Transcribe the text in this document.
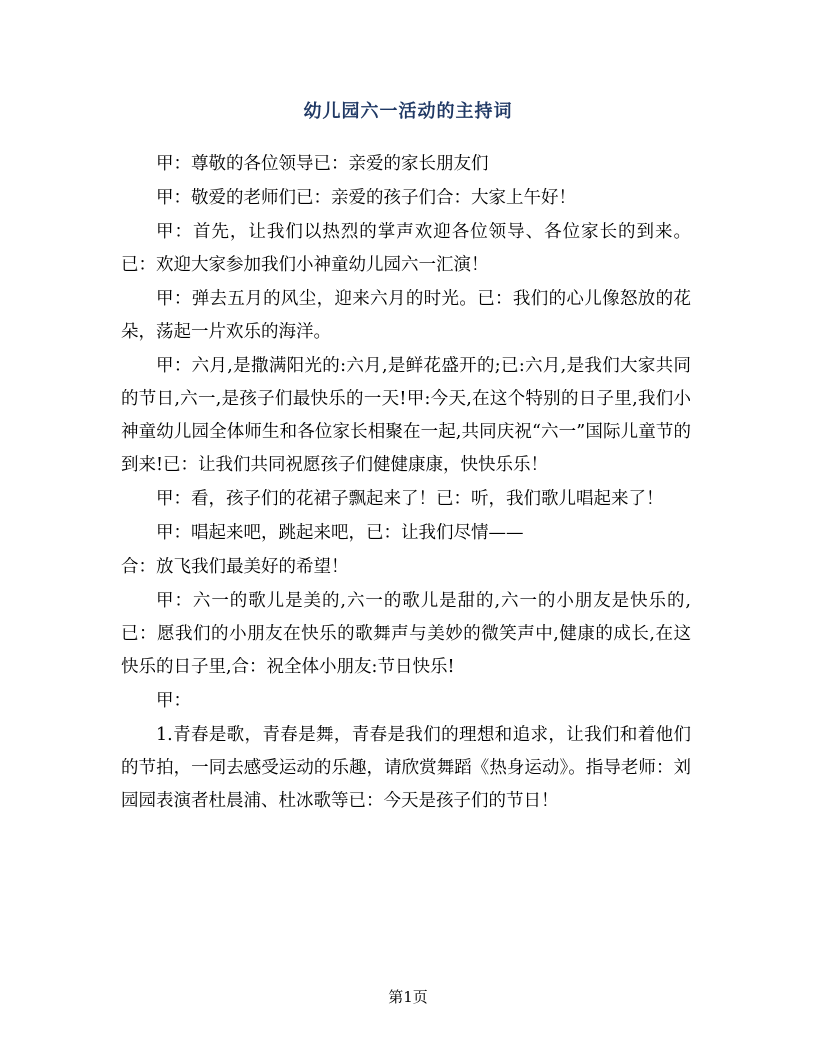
幼儿园六一活动的主持词

甲：尊敬的各位领导已：亲爱的家长朋友们

甲：敬爱的老师们已：亲爱的孩子们合：大家上午好！

甲：首先，让我们以热烈的掌声欢迎各位领导、各位家长的到来。已：欢迎大家参加我们小神童幼儿园六一汇演！

甲：弹去五月的风尘，迎来六月的时光。已：我们的心儿像怒放的花朵，荡起一片欢乐的海洋。

甲：六月,是撒满阳光的:六月,是鲜花盛开的;已:六月,是我们大家共同的节日,六一,是孩子们最快乐的一天!甲:今天,在这个特别的日子里,我们小神童幼儿园全体师生和各位家长相聚在一起,共同庆祝“六一”国际儿童节的到来!已：让我们共同祝愿孩子们健健康康，快快乐乐！

甲：看，孩子们的花裙子飘起来了！已：听，我们歌儿唱起来了！

甲：唱起来吧，跳起来吧，已：让我们尽情——

合：放飞我们最美好的希望！

甲：六一的歌儿是美的,六一的歌儿是甜的,六一的小朋友是快乐的,已：愿我们的小朋友在快乐的歌舞声与美妙的微笑声中,健康的成长,在这快乐的日子里,合：祝全体小朋友:节日快乐!

甲：

1.青春是歌，青春是舞，青春是我们的理想和追求，让我们和着他们的节拍，一同去感受运动的乐趣，请欣赏舞蹈《热身运动》。指导老师：刘园园表演者杜晨浦、杜冰歌等已：今天是孩子们的节日！

第1页
